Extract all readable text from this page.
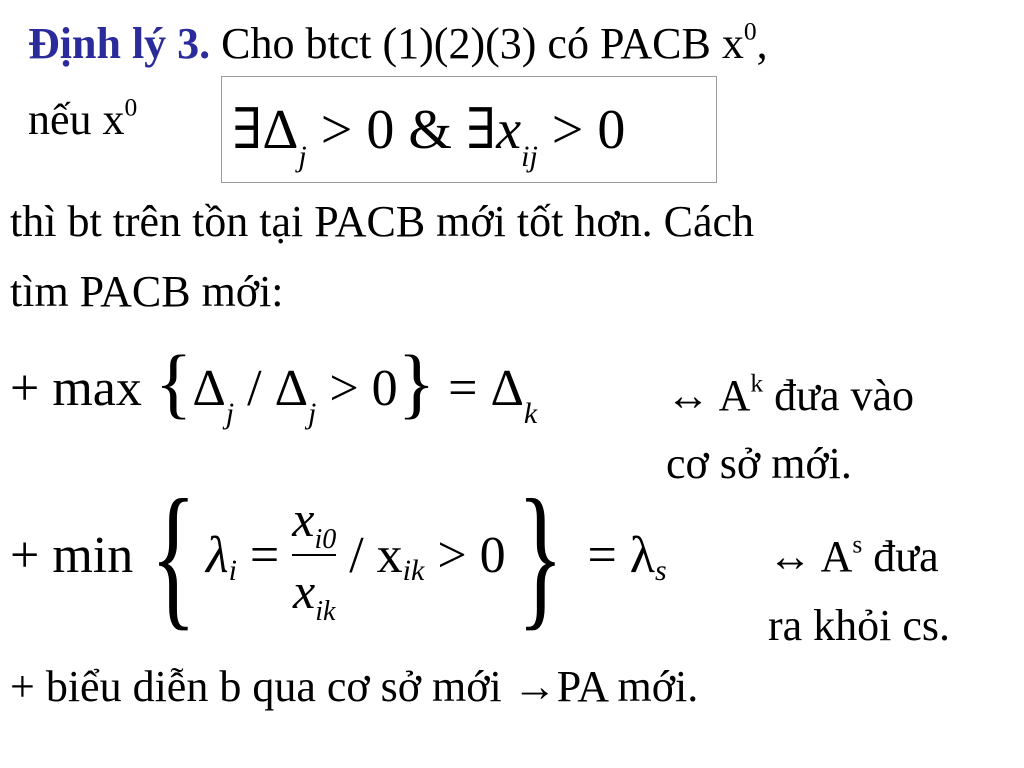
Định lý 3. Cho btct (1)(2)(3) có PACB $x^0$,
nếu $x^0$ $\exists\Delta_j > 0$ & $\exists x_{ij} > 0$
thì bt trên tồn tại PACB mới tốt hơn. Cách
tìm PACB mới:
+ $\max \{\Delta_j / \Delta_j > 0\} = \Delta_k$	↔ $A^k$ đưa vào
cơ sở mới.
+ min { λ $i = \frac{x_{i0}}{x_{ik}} / x$ ik > 0 } = λ s ↔ $A^s$ đưa
ra khỏi cs.
+ biểu diễn b qua cơ sở mới →PA mới.
